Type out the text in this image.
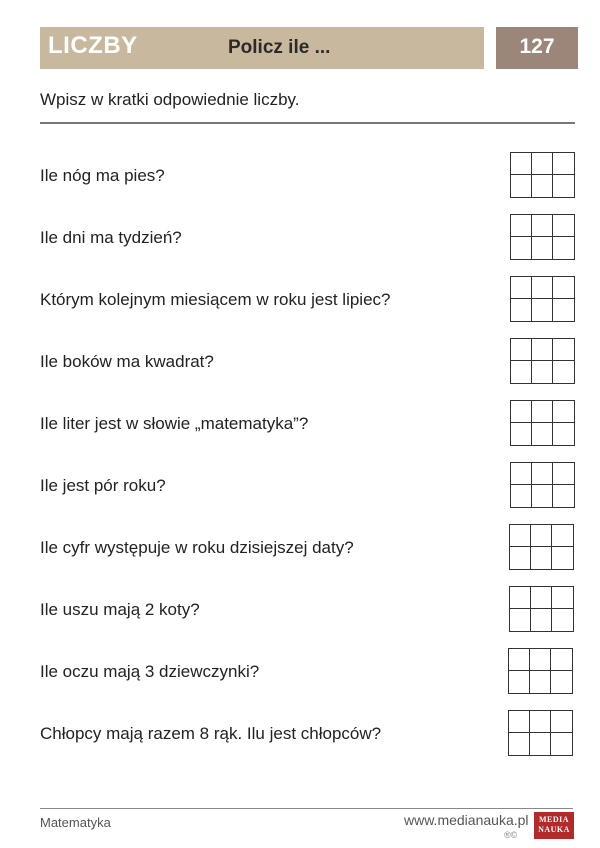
LICZBY	Policz ile ...	127
Wpisz w kratki odpowiednie liczby.
Ile nóg ma pies?
Ile dni ma tydzień?
Którym kolejnym miesiącem w roku jest lipiec?
Ile boków ma kwadrat?
Ile liter jest w słowie „matematyka”?
Ile jest pór roku?
Ile cyfr występuje w roku dzisiejszej daty?
Ile uszu mają 2 koty?
Ile oczu mają 3 dziewczynki?
Chłopcy mają razem 8 rąk. Ilu jest chłopców?
Matematyka	www.medianauka.pl
®©
MEDIA
NAUKA
